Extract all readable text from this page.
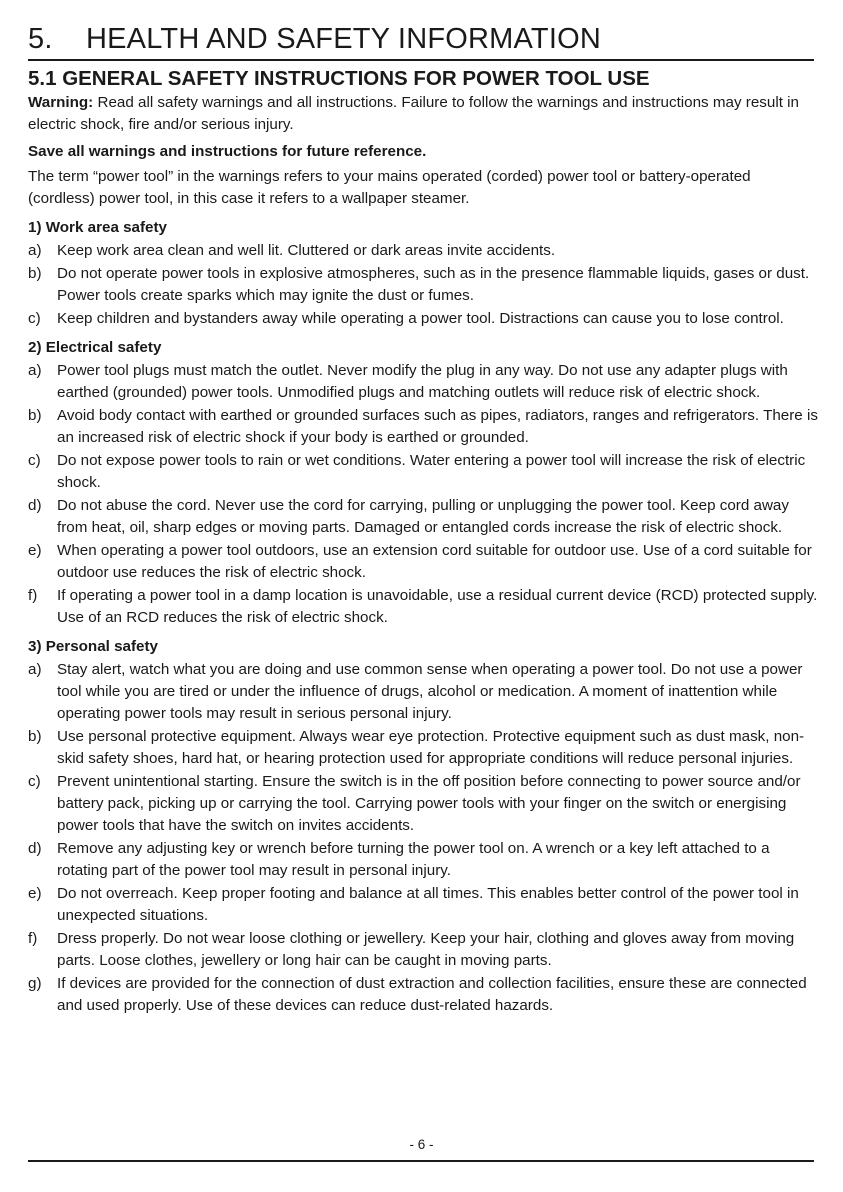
5. HEALTH AND SAFETY INFORMATION
5.1 GENERAL SAFETY INSTRUCTIONS FOR POWER TOOL USE

Warning: Read all safety warnings and all instructions. Failure to follow the warnings and instructions may result in electric shock, fire and/or serious injury.

Save all warnings and instructions for future reference.

The term “power tool” in the warnings refers to your mains operated (corded) power tool or battery-operated (cordless) power tool, in this case it refers to a wallpaper steamer.

1) Work area safety

a)	Keep work area clean and well lit. Cluttered or dark areas invite accidents.
b)	Do not operate power tools in explosive atmospheres, such as in the presence flammable liquids, gases or dust. Power tools create sparks which may ignite the dust or fumes.
c)	Keep children and bystanders away while operating a power tool. Distractions can cause you to lose control.

2) Electrical safety

a)	Power tool plugs must match the outlet. Never modify the plug in any way. Do not use any adapter plugs with earthed (grounded) power tools. Unmodified plugs and matching outlets will reduce risk of electric shock.
b)	Avoid body contact with earthed or grounded surfaces such as pipes, radiators, ranges and refrigerators. There is an increased risk of electric shock if your body is earthed or grounded.
c)	Do not expose power tools to rain or wet conditions. Water entering a power tool will increase the risk of electric shock.
d)	Do not abuse the cord. Never use the cord for carrying, pulling or unplugging the power tool. Keep cord away from heat, oil, sharp edges or moving parts. Damaged or entangled cords increase the risk of electric shock.
e)	When operating a power tool outdoors, use an extension cord suitable for outdoor use. Use of a cord suitable for outdoor use reduces the risk of electric shock.
f)	If operating a power tool in a damp location is unavoidable, use a residual current device (RCD) protected supply. Use of an RCD reduces the risk of electric shock.

3) Personal safety

a)	Stay alert, watch what you are doing and use common sense when operating a power tool. Do not use a power tool while you are tired or under the influence of drugs, alcohol or medication. A moment of inattention while operating power tools may result in serious personal injury.
b)	Use personal protective equipment. Always wear eye protection. Protective equipment such as dust mask, non-skid safety shoes, hard hat, or hearing protection used for appropriate conditions will reduce personal injuries.
c)	Prevent unintentional starting. Ensure the switch is in the off position before connecting to power source and/or battery pack, picking up or carrying the tool. Carrying power tools with your finger on the switch or energising power tools that have the switch on invites accidents.
d)	Remove any adjusting key or wrench before turning the power tool on. A wrench or a key left attached to a rotating part of the power tool may result in personal injury.
e)	Do not overreach. Keep proper footing and balance at all times. This enables better control of the power tool in unexpected situations.
f)	Dress properly. Do not wear loose clothing or jewellery. Keep your hair, clothing and gloves away from moving parts. Loose clothes, jewellery or long hair can be caught in moving parts.
g)	If devices are provided for the connection of dust extraction and collection facilities, ensure these are connected and used properly. Use of these devices can reduce dust-related hazards.
- 6 -
